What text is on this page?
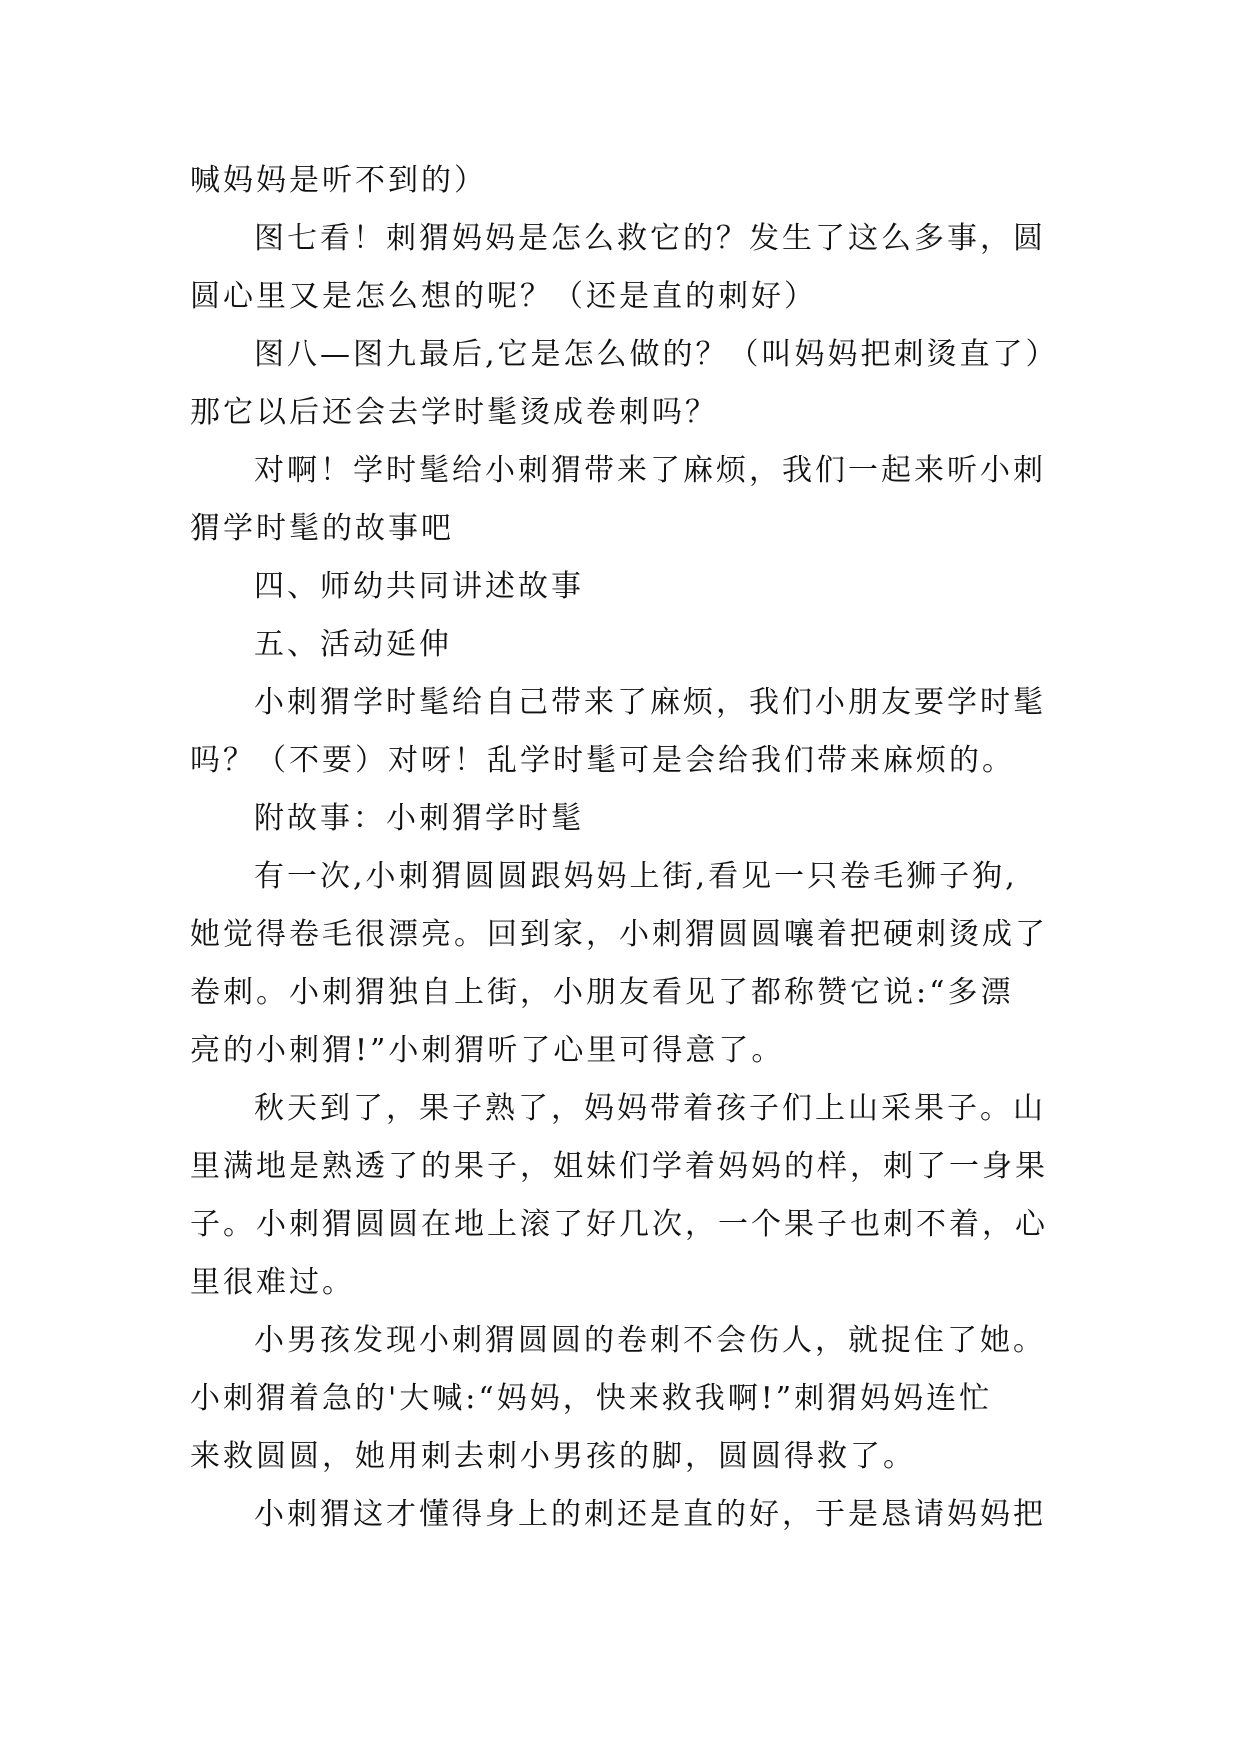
喊妈妈是听不到的）
图七看！刺猬妈妈是怎么救它的？发生了这么多事，圆
圆心里又是怎么想的呢？（还是直的刺好）
图八—图九最后,它是怎么做的？（叫妈妈把刺烫直了）
那它以后还会去学时髦烫成卷刺吗？
对啊！学时髦给小刺猬带来了麻烦，我们一起来听小刺
猬学时髦的故事吧
四、师幼共同讲述故事
五、活动延伸
小刺猬学时髦给自己带来了麻烦，我们小朋友要学时髦
吗？（不要）对呀！乱学时髦可是会给我们带来麻烦的。
附故事：小刺猬学时髦
有一次,小刺猬圆圆跟妈妈上街,看见一只卷毛狮子狗,
她觉得卷毛很漂亮。回到家，小刺猬圆圆嚷着把硬刺烫成了
卷刺。小刺猬独自上街，小朋友看见了都称赞它说:“多漂
亮的小刺猬!”小刺猬听了心里可得意了。
秋天到了，果子熟了，妈妈带着孩子们上山采果子。山
里满地是熟透了的果子，姐妹们学着妈妈的样，刺了一身果
子。小刺猬圆圆在地上滚了好几次，一个果子也刺不着，心
里很难过。
小男孩发现小刺猬圆圆的卷刺不会伤人，就捉住了她。
小刺猬着急的'大喊:“妈妈，快来救我啊!”刺猬妈妈连忙
来救圆圆，她用刺去刺小男孩的脚，圆圆得救了。
小刺猬这才懂得身上的刺还是直的好，于是恳请妈妈把
